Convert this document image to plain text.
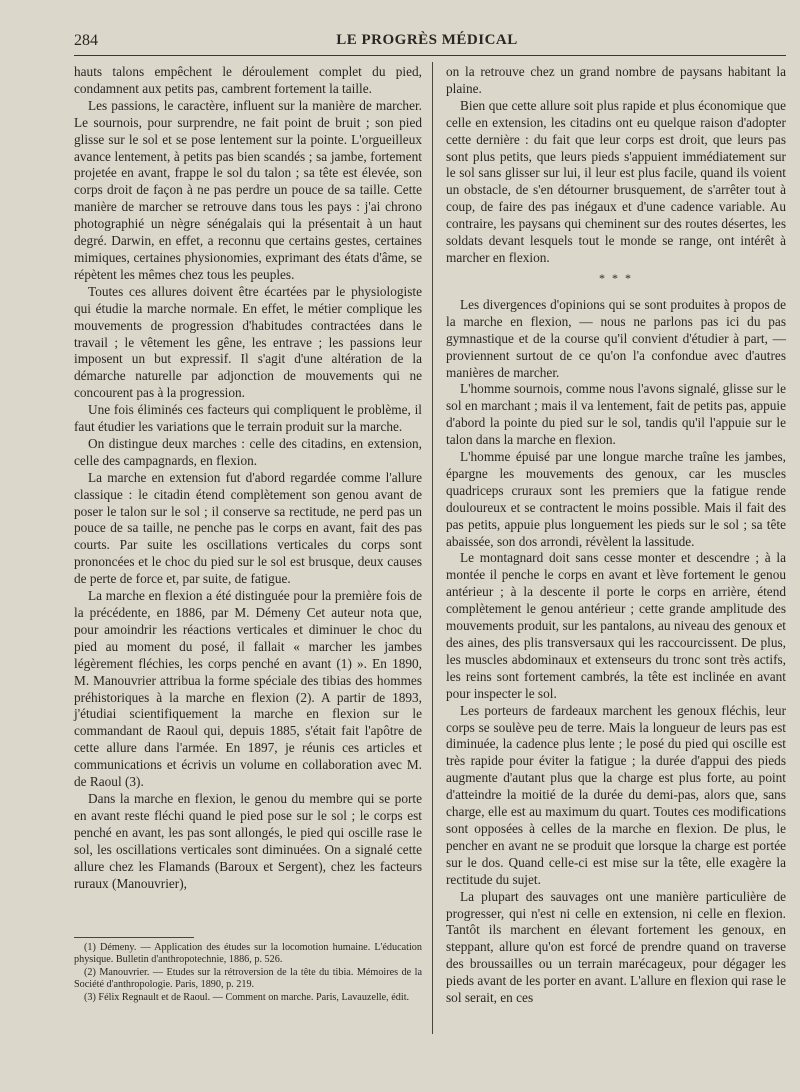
284	LE PROGRÈS MÉDICAL

hauts talons empêchent le déroulement complet du pied, condamnent aux petits pas, cambrent fortement la taille.

Les passions, le caractère, influent sur la manière de marcher. Le sournois, pour surprendre, ne fait point de bruit ; son pied glisse sur le sol et se pose lentement sur la pointe. L'orgueilleux avance lentement, à petits pas bien scandés ; sa jambe, fortement projetée en avant, frappe le sol du talon ; sa tête est élevée, son corps droit de façon à ne pas perdre un pouce de sa taille. Cette manière de marcher se retrouve dans tous les pays : j'ai chrono photographié un nègre sénégalais qui la présentait à un haut degré. Darwin, en effet, a reconnu que certains gestes, certaines mimiques, certaines physionomies, exprimant des états d'âme, se répètent les mêmes chez tous les peuples.

Toutes ces allures doivent être écartées par le physiologiste qui étudie la marche normale. En effet, le métier complique les mouvements de progression d'habitudes contractées dans le travail ; le vêtement les gêne, les entrave ; les passions leur imposent un but expressif. Il s'agit d'une altération de la démarche naturelle par adjonction de mouvements qui ne concourent pas à la progression.

Une fois éliminés ces facteurs qui compliquent le problème, il faut étudier les variations que le terrain produit sur la marche.

On distingue deux marches : celle des citadins, en extension, celle des campagnards, en flexion.

La marche en extension fut d'abord regardée comme l'allure classique : le citadin étend complètement son genou avant de poser le talon sur le sol ; il conserve sa rectitude, ne perd pas un pouce de sa taille, ne penche pas le corps en avant, fait des pas courts. Par suite les oscillations verticales du corps sont prononcées et le choc du pied sur le sol est brusque, deux causes de perte de force et, par suite, de fatigue.

La marche en flexion a été distinguée pour la première fois de la précédente, en 1886, par M. Démeny Cet auteur nota que, pour amoindrir les réactions verticales et diminuer le choc du pied au moment du posé, il fallait « marcher les jambes légèrement fléchies, les corps penché en avant (1) ». En 1890, M. Manouvrier attribua la forme spéciale des tibias des hommes préhistoriques à la marche en flexion (2). A partir de 1893, j'étudiai scientifiquement la marche en flexion sur le commandant de Raoul qui, depuis 1885, s'était fait l'apôtre de cette allure dans l'armée. En 1897, je réunis ces articles et communications et écrivis un volume en collaboration avec M. de Raoul (3).

Dans la marche en flexion, le genou du membre qui se porte en avant reste fléchi quand le pied pose sur le sol ; le corps est penché en avant, les pas sont allongés, le pied qui oscille rase le sol, les oscillations verticales sont diminuées. On a signalé cette allure chez les Flamands (Baroux et Sergent), chez les facteurs ruraux (Manouvrier),

(1) Démeny. — Application des études sur la locomotion humaine. L'éducation physique. Bulletin d'anthropotechnie, 1886, p. 526.

(2) Manouvrier. — Etudes sur la rétroversion de la tête du tibia. Mémoires de la Société d'anthropologie. Paris, 1890, p. 219.

(3) Félix Regnault et de Raoul. — Comment on marche. Paris, Lavauzelle, édit.

on la retrouve chez un grand nombre de paysans habitant la plaine.

Bien que cette allure soit plus rapide et plus économique que celle en extension, les citadins ont eu quelque raison d'adopter cette dernière : du fait que leur corps est droit, que leurs pas sont plus petits, que leurs pieds s'appuient immédiatement sur le sol sans glisser sur lui, il leur est plus facile, quand ils voient un obstacle, de s'en détourner brusquement, de s'arrêter tout à coup, de faire des pas inégaux et d'une cadence variable. Au contraire, les paysans qui cheminent sur des routes désertes, les soldats devant lesquels tout le monde se range, ont intérêt à marcher en flexion.

* * *

Les divergences d'opinions qui se sont produites à propos de la marche en flexion, — nous ne parlons pas ici du pas gymnastique et de la course qu'il convient d'étudier à part, — proviennent surtout de ce qu'on l'a confondue avec d'autres manières de marcher.

L'homme sournois, comme nous l'avons signalé, glisse sur le sol en marchant ; mais il va lentement, fait de petits pas, appuie d'abord la pointe du pied sur le sol, tandis qu'il l'appuie sur le talon dans la marche en flexion.

L'homme épuisé par une longue marche traîne les jambes, épargne les mouvements des genoux, car les muscles quadriceps cruraux sont les premiers que la fatigue rende douloureux et se contractent le moins possible. Mais il fait des pas petits, appuie plus longuement les pieds sur le sol ; sa tête abaissée, son dos arrondi, révèlent la lassitude.

Le montagnard doit sans cesse monter et descendre ; à la montée il penche le corps en avant et lève fortement le genou antérieur ; à la descente il porte le corps en arrière, étend complètement le genou antérieur ; cette grande amplitude des mouvements produit, sur les pantalons, au niveau des genoux et des aines, des plis transversaux qui les raccourcissent. De plus, les muscles abdominaux et extenseurs du tronc sont très actifs, les reins sont fortement cambrés, la tête est inclinée en avant pour inspecter le sol.

Les porteurs de fardeaux marchent les genoux fléchis, leur corps se soulève peu de terre. Mais la longueur de leurs pas est diminuée, la cadence plus lente ; le posé du pied qui oscille est très rapide pour éviter la fatigue ; la durée d'appui des pieds augmente d'autant plus que la charge est plus forte, au point d'atteindre la moitié de la durée du demi-pas, alors que, sans charge, elle est au maximum du quart. Toutes ces modifications sont opposées à celles de la marche en flexion. De plus, le pencher en avant ne se produit que lorsque la charge est portée sur le dos. Quand celle-ci est mise sur la tête, elle exagère la rectitude du sujet.

La plupart des sauvages ont une manière particulière de progresser, qui n'est ni celle en extension, ni celle en flexion. Tantôt ils marchent en élevant fortement les genoux, en steppant, allure qu'on est forcé de prendre quand on traverse des broussailles ou un terrain marécageux, pour dégager les pieds avant de les porter en avant. L'allure en flexion qui rase le sol serait, en ces
